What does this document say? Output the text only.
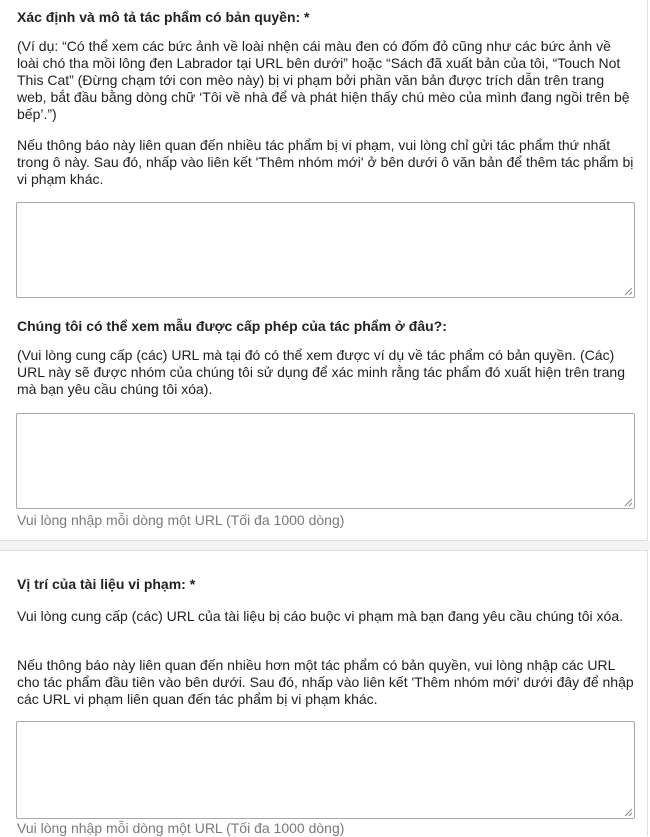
Xác định và mô tả tác phẩm có bản quyền: *
(Ví dụ: “Có thể xem các bức ảnh về loài nhện cái màu đen có đốm đỏ cũng như các bức ảnh về loài chó tha mồi lông đen Labrador tại URL bên dưới” hoặc “Sách đã xuất bản của tôi, “Touch Not This Cat” (Đừng chạm tới con mèo này) bị vi phạm bởi phần văn bản được trích dẫn trên trang web, bắt đầu bằng dòng chữ ‘Tôi về nhà để và phát hiện thấy chú mèo của mình đang ngồi trên bệ bếp’.”)
Nếu thông báo này liên quan đến nhiều tác phẩm bị vi phạm, vui lòng chỉ gửi tác phẩm thứ nhất trong ô này. Sau đó, nhấp vào liên kết 'Thêm nhóm mới' ở bên dưới ô văn bản để thêm tác phẩm bị vi phạm khác.
Chúng tôi có thể xem mẫu được cấp phép của tác phẩm ở đâu?:
(Vui lòng cung cấp (các) URL mà tại đó có thể xem được ví dụ về tác phẩm có bản quyền. (Các) URL này sẽ được nhóm của chúng tôi sử dụng để xác minh rằng tác phẩm đó xuất hiện trên trang mà bạn yêu cầu chúng tôi xóa).
Vui lòng nhập mỗi dòng một URL (Tối đa 1000 dòng)
Vị trí của tài liệu vi phạm: *
Vui lòng cung cấp (các) URL của tài liệu bị cáo buộc vi phạm mà bạn đang yêu cầu chúng tôi xóa.
Nếu thông báo này liên quan đến nhiều hơn một tác phẩm có bản quyền, vui lòng nhập các URL cho tác phẩm đầu tiên vào bên dưới. Sau đó, nhấp vào liên kết 'Thêm nhóm mới' dưới đây để nhập các URL vi phạm liên quan đến tác phẩm bị vi phạm khác.
Vui lòng nhập mỗi dòng một URL (Tối đa 1000 dòng)
